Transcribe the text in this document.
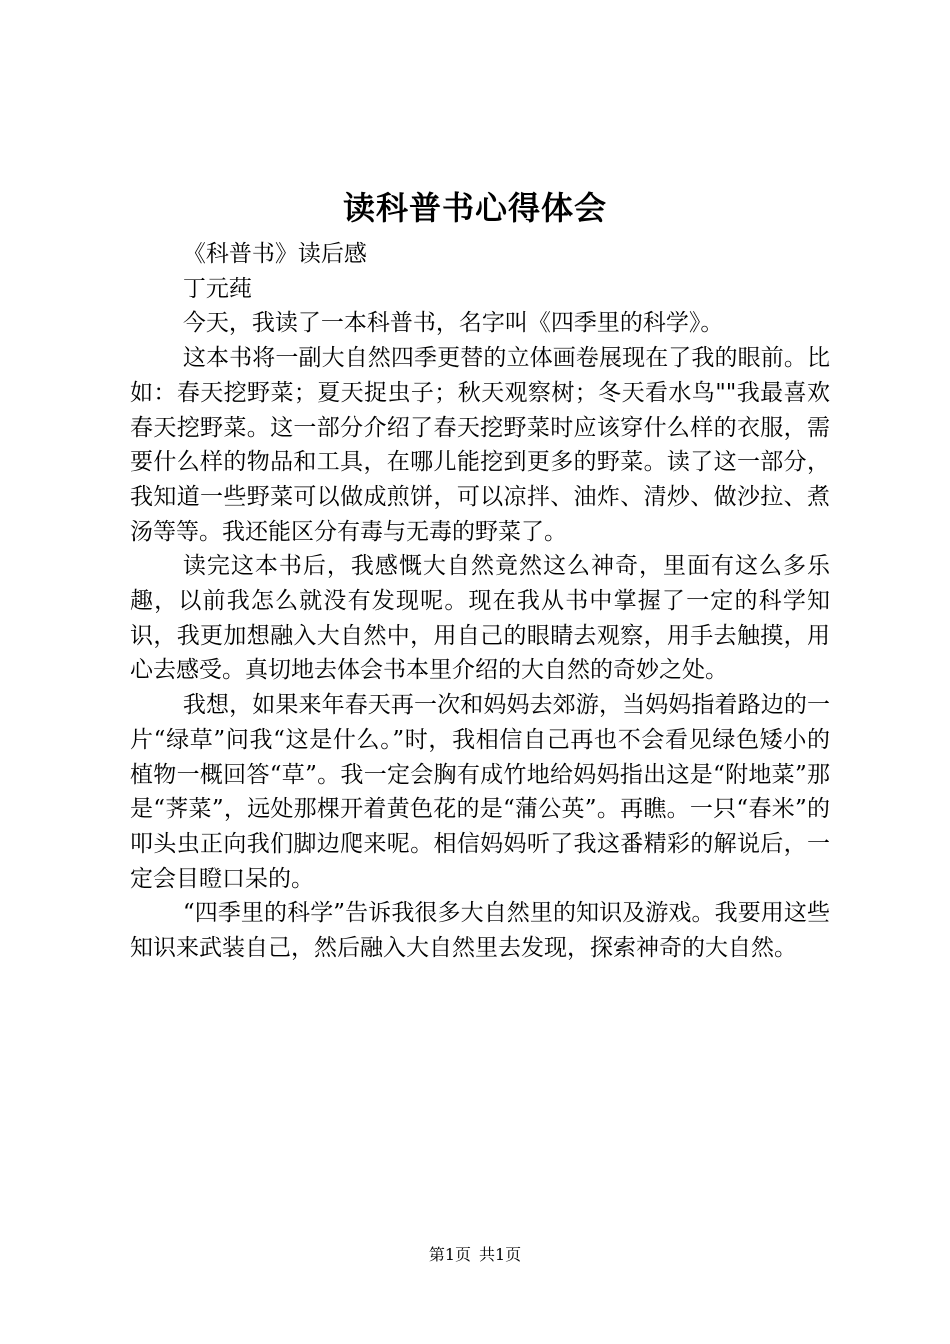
读科普书心得体会

《科普书》读后感

丁元莼

今天，我读了一本科普书，名字叫《四季里的科学》。

这本书将一副大自然四季更替的立体画卷展现在了我的眼前。比如：春天挖野菜；夏天捉虫子；秋天观察树；冬天看水鸟""我最喜欢春天挖野菜。这一部分介绍了春天挖野菜时应该穿什么样的衣服，需要什么样的物品和工具，在哪儿能挖到更多的野菜。读了这一部分，我知道一些野菜可以做成煎饼，可以凉拌、油炸、清炒、做沙拉、煮汤等等。我还能区分有毒与无毒的野菜了。

读完这本书后，我感慨大自然竟然这么神奇，里面有这么多乐趣，以前我怎么就没有发现呢。现在我从书中掌握了一定的科学知识，我更加想融入大自然中，用自己的眼睛去观察，用手去触摸，用心去感受。真切地去体会书本里介绍的大自然的奇妙之处。

我想，如果来年春天再一次和妈妈去郊游，当妈妈指着路边的一片“绿草”问我“这是什么。”时，我相信自己再也不会看见绿色矮小的植物一概回答“草”。我一定会胸有成竹地给妈妈指出这是“附地菜”那是“荠菜”，远处那棵开着黄色花的是“蒲公英”。再瞧。一只“春米”的叩头虫正向我们脚边爬来呢。相信妈妈听了我这番精彩的解说后，一定会目瞪口呆的。

“四季里的科学”告诉我很多大自然里的知识及游戏。我要用这些知识来武装自己，然后融入大自然里去发现，探索神奇的大自然。

第1页 共1页
